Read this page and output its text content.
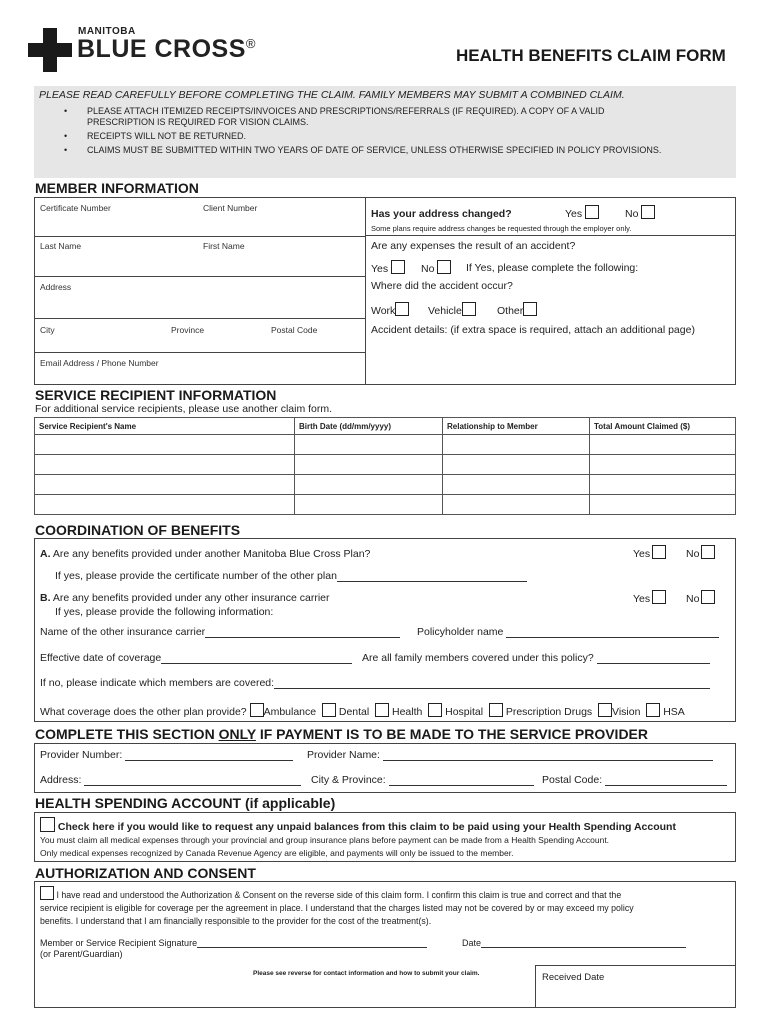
MANITOBA
BLUE CROSS®
HEALTH BENEFITS CLAIM FORM
PLEASE READ CAREFULLY BEFORE COMPLETING THE CLAIM. FAMILY MEMBERS MAY SUBMIT A COMBINED CLAIM.
• PLEASE ATTACH ITEMIZED RECEIPTS/INVOICES AND PRESCRIPTIONS/REFERRALS (IF REQUIRED). A COPY OF A VALID PRESCRIPTION IS REQUIRED FOR VISION CLAIMS.
• RECEIPTS WILL NOT BE RETURNED.
• CLAIMS MUST BE SUBMITTED WITHIN TWO YEARS OF DATE OF SERVICE, UNLESS OTHERWISE SPECIFIED IN POLICY PROVISIONS.
MEMBER INFORMATION
Certificate Number	Client Number
Last Name	First Name
Address
City	Province	Postal Code
Email Address / Phone Number
Has your address changed?	Yes	No
Some plans require address changes be requested through the employer only.
Are any expenses the result of an accident?
Yes	No	If Yes, please complete the following:
Where did the accident occur?
Work	Vehicle	Other
Accident details: (if extra space is required, attach an additional page)
SERVICE RECIPIENT INFORMATION
For additional service recipients, please use another claim form.
Service Recipient's Name	Birth Date (dd/mm/yyyy)	Relationship to Member	Total Amount Claimed ($)

COORDINATION OF BENEFITS
A. Are any benefits provided under another Manitoba Blue Cross Plan?	Yes	No
If yes, please provide the certificate number of the other plan
B. Are any benefits provided under any other insurance carrier	Yes	No
If yes, please provide the following information:
Name of the other insurance carrier	Policyholder name
Effective date of coverage	Are all family members covered under this policy?
If no, please indicate which members are covered:
What coverage does the other plan provide? Ambulance Dental Health Hospital Prescription Drugs Vision HSA
COMPLETE THIS SECTION ONLY IF PAYMENT IS TO BE MADE TO THE SERVICE PROVIDER
Provider Number:	Provider Name:
Address:	City & Province:	Postal Code:
HEALTH SPENDING ACCOUNT (if applicable)
Check here if you would like to request any unpaid balances from this claim to be paid using your Health Spending Account
You must claim all medical expenses through your provincial and group insurance plans before payment can be made from a Health Spending Account.
Only medical expenses recognized by Canada Revenue Agency are eligible, and payments will only be issued to the member.
AUTHORIZATION AND CONSENT
I have read and understood the Authorization & Consent on the reverse side of this claim form. I confirm this claim is true and correct and that the
service recipient is eligible for coverage per the agreement in place. I understand that the charges listed may not be covered by or may exceed my policy
benefits. I understand that I am financially responsible to the provider for the cost of the treatment(s).
Member or Service Recipient Signature
(or Parent/Guardian)
Date
Please see reverse for contact information and how to submit your claim.	Received Date
